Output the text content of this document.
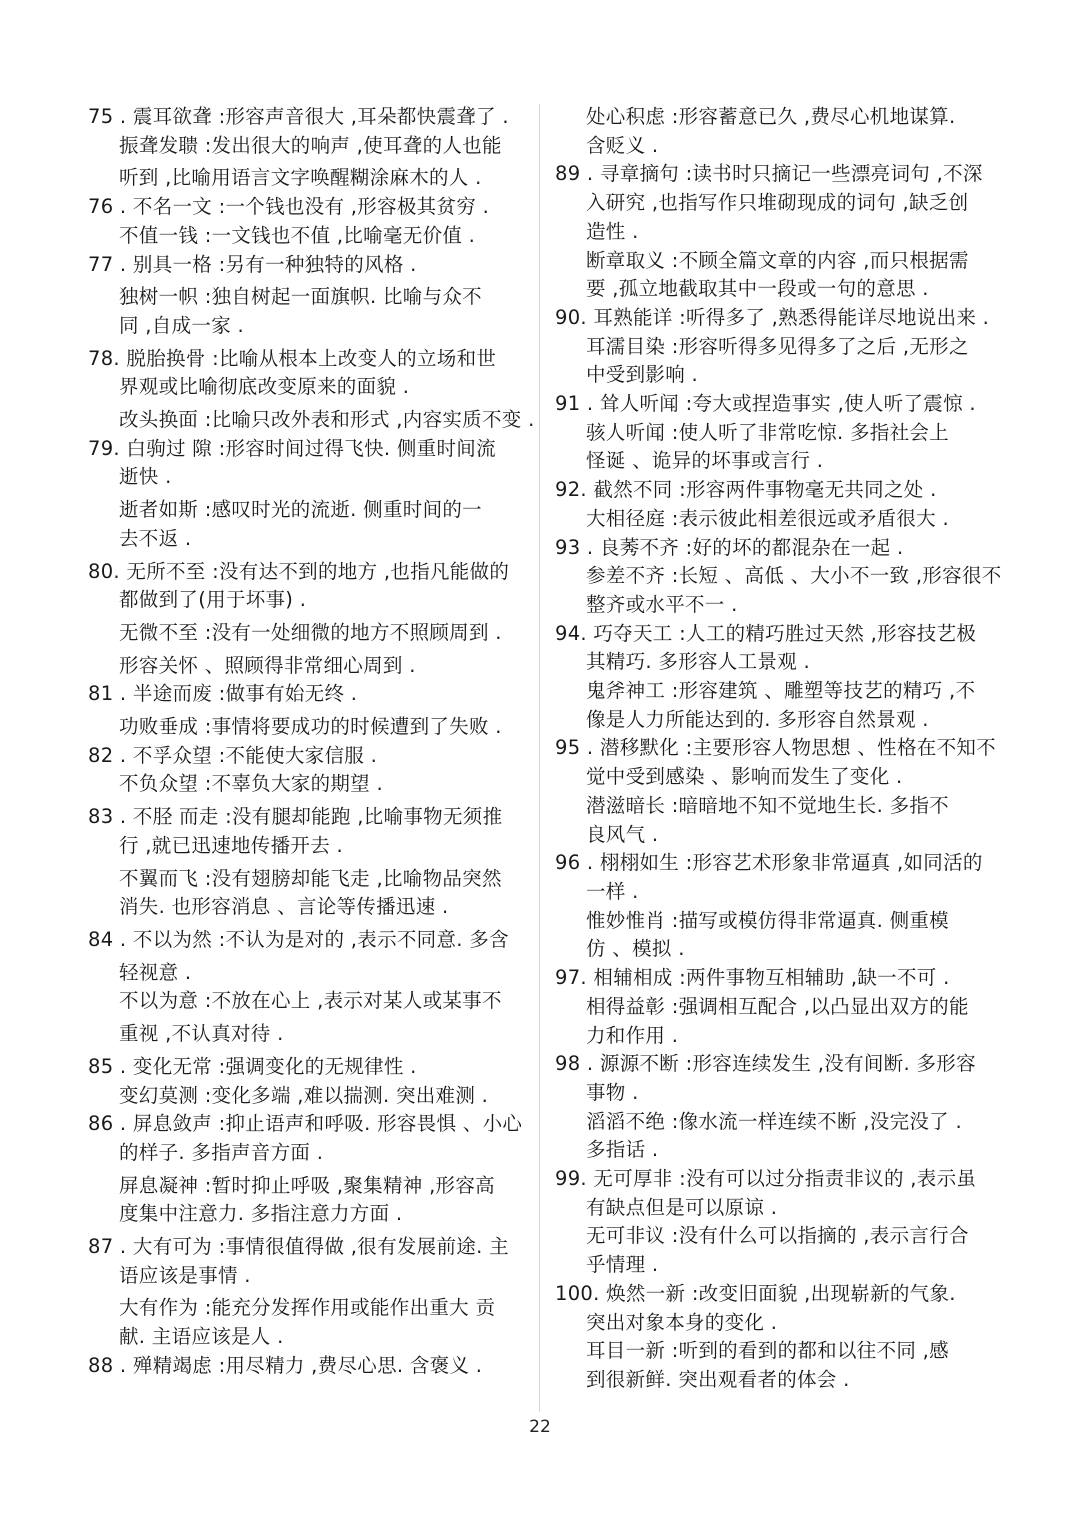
75 . 震耳欲聋 :形容声音很大 ,耳朵都快震聋了 .
振聋发聩 :发出很大的响声 ,使耳聋的人也能
听到 ,比喻用语言文字唤醒糊涂麻木的人 .
76 . 不名一文 :一个钱也没有 ,形容极其贫穷 .
不值一钱 :一文钱也不值 ,比喻毫无价值 .
77 . 别具一格 :另有一种独特的风格 .
独树一帜 :独自树起一面旗帜. 比喻与众不
同 ,自成一家 .
78. 脱胎换骨 :比喻从根本上改变人的立场和世
界观或比喻彻底改变原来的面貌 .
改头换面 :比喻只改外表和形式 ,内容实质不变 .
79. 白驹过 隙 :形容时间过得飞快. 侧重时间流
逝快 .
逝者如斯 :感叹时光的流逝. 侧重时间的一
去不返 .
80. 无所不至 :没有达不到的地方 ,也指凡能做的
都做到了(用于坏事) .
无微不至 :没有一处细微的地方不照顾周到 .
形容关怀 、照顾得非常细心周到 .
81 . 半途而废 :做事有始无终 .
功败垂成 :事情将要成功的时候遭到了失败 .
82 . 不孚众望 :不能使大家信服 .
不负众望 :不辜负大家的期望 .
83 . 不胫 而走 :没有腿却能跑 ,比喻事物无须推
行 ,就已迅速地传播开去 .
不翼而飞 :没有翅膀却能飞走 ,比喻物品突然
消失. 也形容消息 、言论等传播迅速 .
84 . 不以为然 :不认为是对的 ,表示不同意. 多含
轻视意 .
不以为意 :不放在心上 ,表示对某人或某事不
重视 ,不认真对待 .
85 . 变化无常 :强调变化的无规律性 .
变幻莫测 :变化多端 ,难以揣测. 突出难测 .
86 . 屏息敛声 :抑止语声和呼吸. 形容畏惧 、小心
的样子. 多指声音方面 .
屏息凝神 :暂时抑止呼吸 ,聚集精神 ,形容高
度集中注意力. 多指注意力方面 .
87 . 大有可为 :事情很值得做 ,很有发展前途. 主
语应该是事情 .
大有作为 :能充分发挥作用或能作出重大 贡
献. 主语应该是人 .
88 . 殚精竭虑 :用尽精力 ,费尽心思. 含褒义 .
处心积虑 :形容蓄意已久 ,费尽心机地谋算.
含贬义 .
89 . 寻章摘句 :读书时只摘记一些漂亮词句 ,不深
入研究 ,也指写作只堆砌现成的词句 ,缺乏创
造性 .
断章取义 :不顾全篇文章的内容 ,而只根据需
要 ,孤立地截取其中一段或一句的意思 .
90. 耳熟能详 :听得多了 ,熟悉得能详尽地说出来 .
耳濡目染 :形容听得多见得多了之后 ,无形之
中受到影响 .
91 . 耸人听闻 :夸大或捏造事实 ,使人听了震惊 .
骇人听闻 :使人听了非常吃惊. 多指社会上
怪诞 、诡异的坏事或言行 .
92. 截然不同 :形容两件事物毫无共同之处 .
大相径庭 :表示彼此相差很远或矛盾很大 .
93 . 良莠不齐 :好的坏的都混杂在一起 .
参差不齐 :长短 、高低 、大小不一致 ,形容很不
整齐或水平不一 .
94. 巧夺天工 :人工的精巧胜过天然 ,形容技艺极
其精巧. 多形容人工景观 .
鬼斧神工 :形容建筑 、雕塑等技艺的精巧 ,不
像是人力所能达到的. 多形容自然景观 .
95 . 潜移默化 :主要形容人物思想 、性格在不知不
觉中受到感染 、影响而发生了变化 .
潜滋暗长 :暗暗地不知不觉地生长. 多指不
良风气 .
96 . 栩栩如生 :形容艺术形象非常逼真 ,如同活的
一样 .
惟妙惟肖 :描写或模仿得非常逼真. 侧重模
仿 、模拟 .
97. 相辅相成 :两件事物互相辅助 ,缺一不可 .
相得益彰 :强调相互配合 ,以凸显出双方的能
力和作用 .
98 . 源源不断 :形容连续发生 ,没有间断. 多形容
事物 .
滔滔不绝 :像水流一样连续不断 ,没完没了 .
多指话 .
99. 无可厚非 :没有可以过分指责非议的 ,表示虽
有缺点但是可以原谅 .
无可非议 :没有什么可以指摘的 ,表示言行合
乎情理 .
100. 焕然一新 :改变旧面貌 ,出现崭新的气象.
突出对象本身的变化 .
耳目一新 :听到的看到的都和以往不同 ,感
到很新鲜. 突出观看者的体会 .
22
